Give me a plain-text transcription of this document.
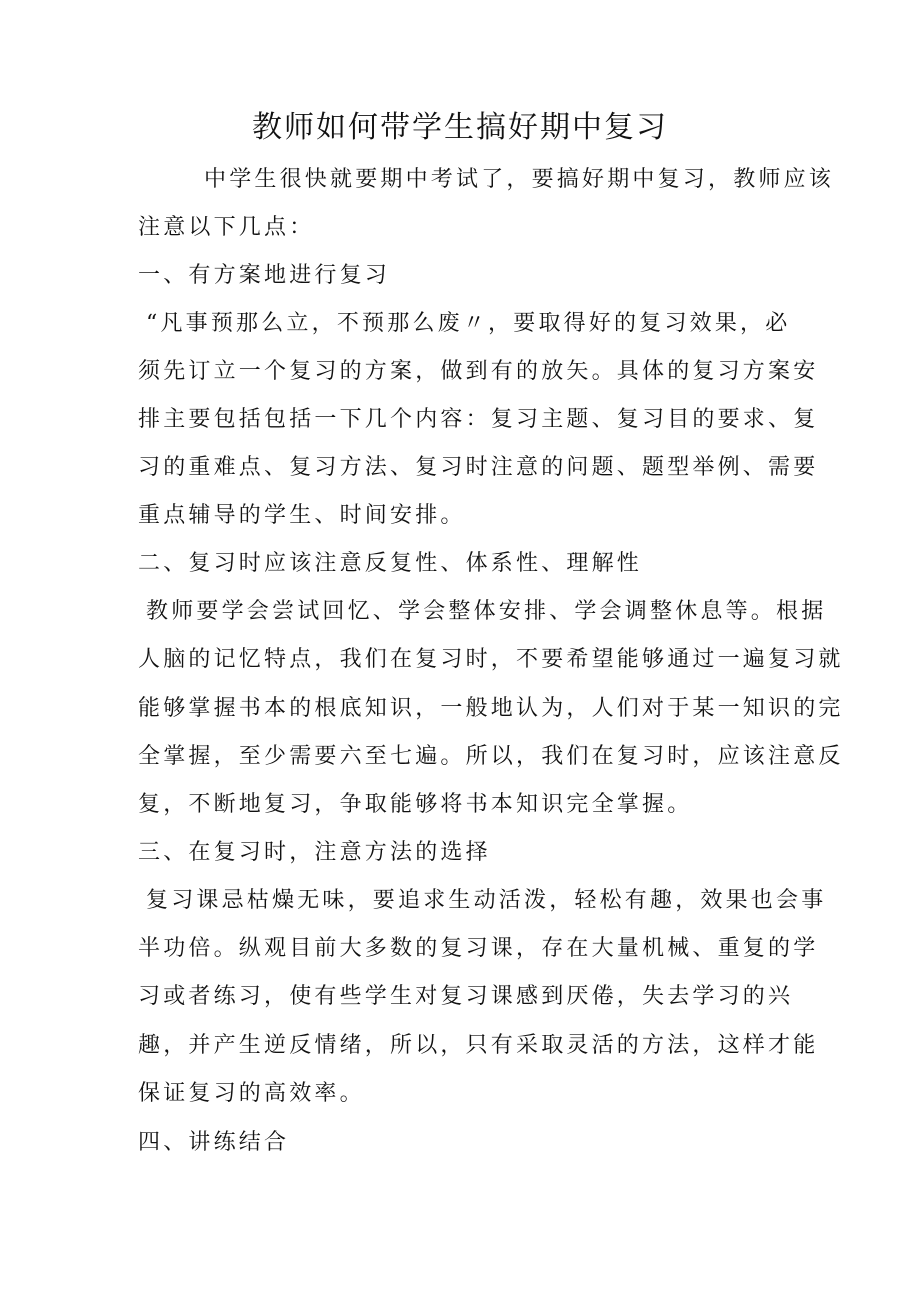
教师如何带学生搞好期中复习
中学生很快就要期中考试了，要搞好期中复习，教师应该
注意以下几点：
一、有方案地进行复习
“凡事预那么立，不预那么废〃，要取得好的复习效果，必
须先订立一个复习的方案，做到有的放矢。具体的复习方案安
排主要包括包括一下几个内容：复习主题、复习目的要求、复
习的重难点、复习方法、复习时注意的问题、题型举例、需要
重点辅导的学生、时间安排。
二、复习时应该注意反复性、体系性、理解性
教师要学会尝试回忆、学会整体安排、学会调整休息等。根据
人脑的记忆特点，我们在复习时，不要希望能够通过一遍复习就
能够掌握书本的根底知识，一般地认为，人们对于某一知识的完
全掌握，至少需要六至七遍。所以，我们在复习时，应该注意反
复，不断地复习，争取能够将书本知识完全掌握。
三、在复习时，注意方法的选择
复习课忌枯燥无味，要追求生动活泼，轻松有趣，效果也会事
半功倍。纵观目前大多数的复习课，存在大量机械、重复的学
习或者练习，使有些学生对复习课感到厌倦，失去学习的兴
趣，并产生逆反情绪，所以，只有采取灵活的方法，这样才能
保证复习的高效率。
四、讲练结合
